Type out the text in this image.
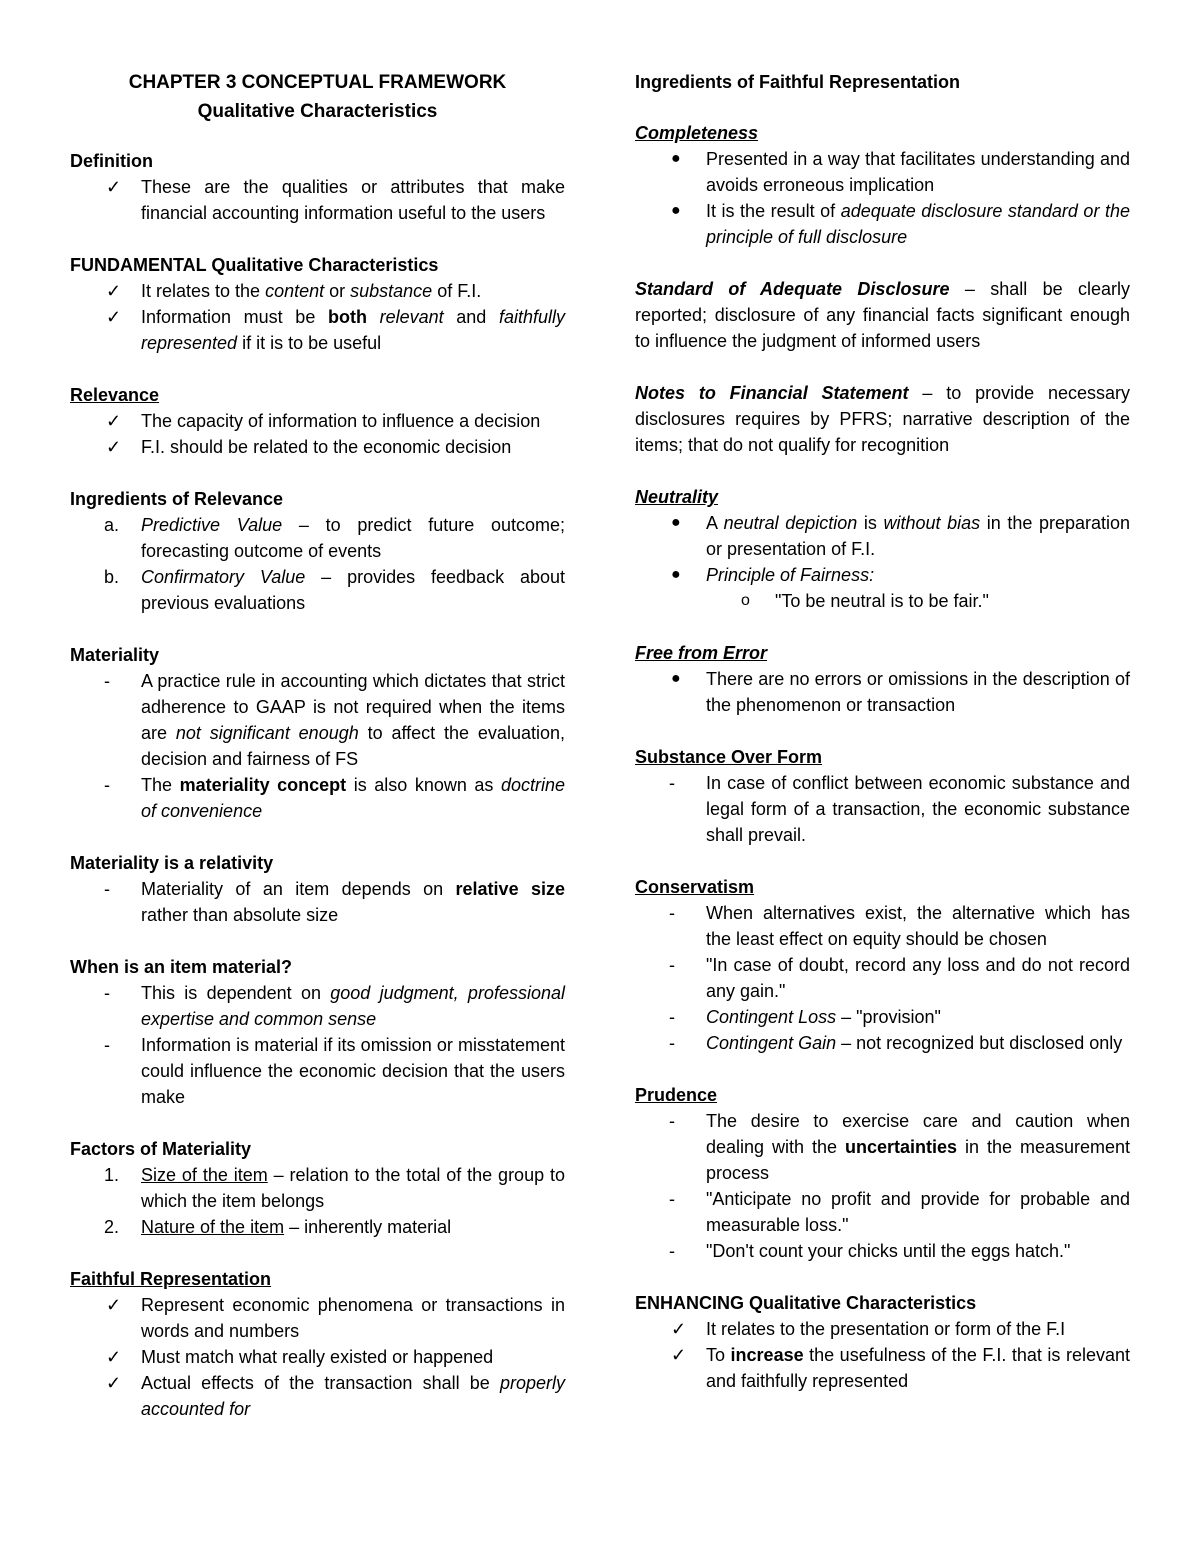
CHAPTER 3 CONCEPTUAL FRAMEWORK
Qualitative Characteristics
Definition
✓	These are the qualities or attributes that make financial accounting information useful to the users
FUNDAMENTAL Qualitative Characteristics
✓	It relates to the content or substance of F.I.
✓	Information must be both relevant and faithfully represented if it is to be useful
Relevance
✓	The capacity of information to influence a decision
✓	F.I. should be related to the economic decision
Ingredients of Relevance
a.	Predictive Value – to predict future outcome; forecasting outcome of events
b.	Confirmatory Value – provides feedback about previous evaluations
Materiality
-	A practice rule in accounting which dictates that strict adherence to GAAP is not required when the items are not significant enough to affect the evaluation, decision and fairness of FS
-	The materiality concept is also known as doctrine of convenience
Materiality is a relativity
-	Materiality of an item depends on relative size rather than absolute size
When is an item material?
-	This is dependent on good judgment, professional expertise and common sense
-	Information is material if its omission or misstatement could influence the economic decision that the users make
Factors of Materiality
1.	Size of the item – relation to the total of the group to which the item belongs
2.	Nature of the item – inherently material
Faithful Representation
✓	Represent economic phenomena or transactions in words and numbers
✓	Must match what really existed or happened
✓	Actual effects of the transaction shall be properly accounted for
Ingredients of Faithful Representation
Completeness
●	Presented in a way that facilitates understanding and avoids erroneous implication
●	It is the result of adequate disclosure standard or the principle of full disclosure
Standard of Adequate Disclosure – shall be clearly reported; disclosure of any financial facts significant enough to influence the judgment of informed users
Notes to Financial Statement – to provide necessary disclosures requires by PFRS; narrative description of the items; that do not qualify for recognition
Neutrality
●	A neutral depiction is without bias in the preparation or presentation of F.I.
●	Principle of Fairness:
o	"To be neutral is to be fair."
Free from Error
●	There are no errors or omissions in the description of the phenomenon or transaction
Substance Over Form
-	In case of conflict between economic substance and legal form of a transaction, the economic substance shall prevail.
Conservatism
-	When alternatives exist, the alternative which has the least effect on equity should be chosen
-	"In case of doubt, record any loss and do not record any gain."
-	Contingent Loss – "provision"
-	Contingent Gain – not recognized but disclosed only
Prudence
-	The desire to exercise care and caution when dealing with the uncertainties in the measurement process
-	"Anticipate no profit and provide for probable and measurable loss."
-	"Don't count your chicks until the eggs hatch."
ENHANCING Qualitative Characteristics
✓	It relates to the presentation or form of the F.I
✓	To increase the usefulness of the F.I. that is relevant and faithfully represented
